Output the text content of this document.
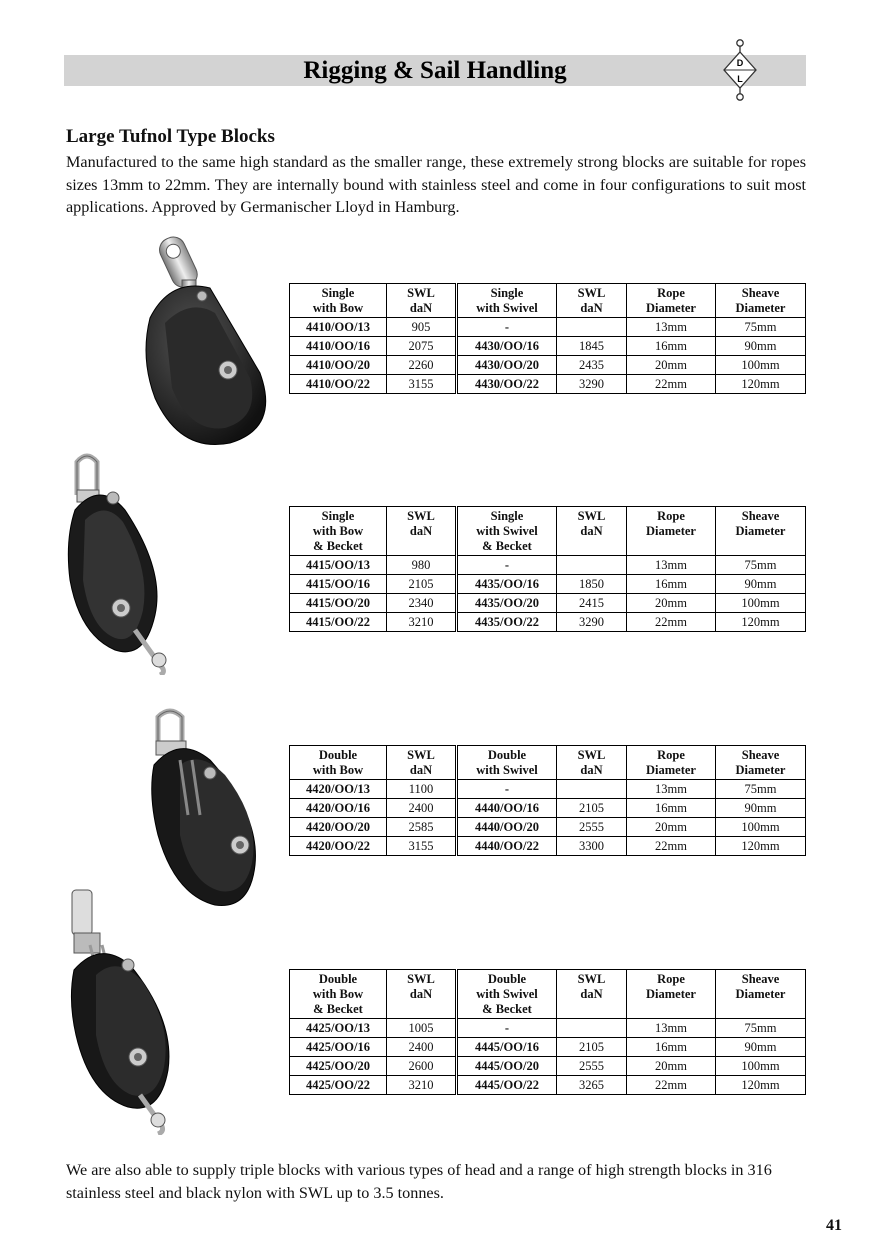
Rigging & Sail Handling	D
L
Large Tufnol Type Blocks

Manufactured to the same high standard as the smaller range, these extremely strong blocks are suitable for ropes sizes 13mm to 22mm. They are internally bound with stainless steel and come in four configurations to suit most applications. Approved by Germanischer Lloyd in Hamburg.

Single
with Bow	SWL
daN	Single
with Swivel	SWL
daN	Rope
Diameter	Sheave
Diameter
4410/OO/13	905	-		13mm	75mm
4410/OO/16	2075	4430/OO/16	1845	16mm	90mm
4410/OO/20	2260	4430/OO/20	2435	20mm	100mm
4410/OO/22	3155	4430/OO/22	3290	22mm	120mm
Single
with Bow
& Becket	SWL
daN	Single
with Swivel
& Becket	SWL
daN	Rope
Diameter	Sheave
Diameter
4415/OO/13	980	-		13mm	75mm
4415/OO/16	2105	4435/OO/16	1850	16mm	90mm
4415/OO/20	2340	4435/OO/20	2415	20mm	100mm
4415/OO/22	3210	4435/OO/22	3290	22mm	120mm
Double
with Bow	SWL
daN	Double
with Swivel	SWL
daN	Rope
Diameter	Sheave
Diameter
4420/OO/13	1100	-		13mm	75mm
4420/OO/16	2400	4440/OO/16	2105	16mm	90mm
4420/OO/20	2585	4440/OO/20	2555	20mm	100mm
4420/OO/22	3155	4440/OO/22	3300	22mm	120mm
Double
with Bow
& Becket	SWL
daN	Double
with Swivel
& Becket	SWL
daN	Rope
Diameter	Sheave
Diameter
4425/OO/13	1005	-		13mm	75mm
4425/OO/16	2400	4445/OO/16	2105	16mm	90mm
4425/OO/20	2600	4445/OO/20	2555	20mm	100mm
4425/OO/22	3210	4445/OO/22	3265	22mm	120mm

We are also able to supply triple blocks with various types of head and a range of high strength blocks in 316 stainless steel and black nylon with SWL up to 3.5 tonnes.

41
